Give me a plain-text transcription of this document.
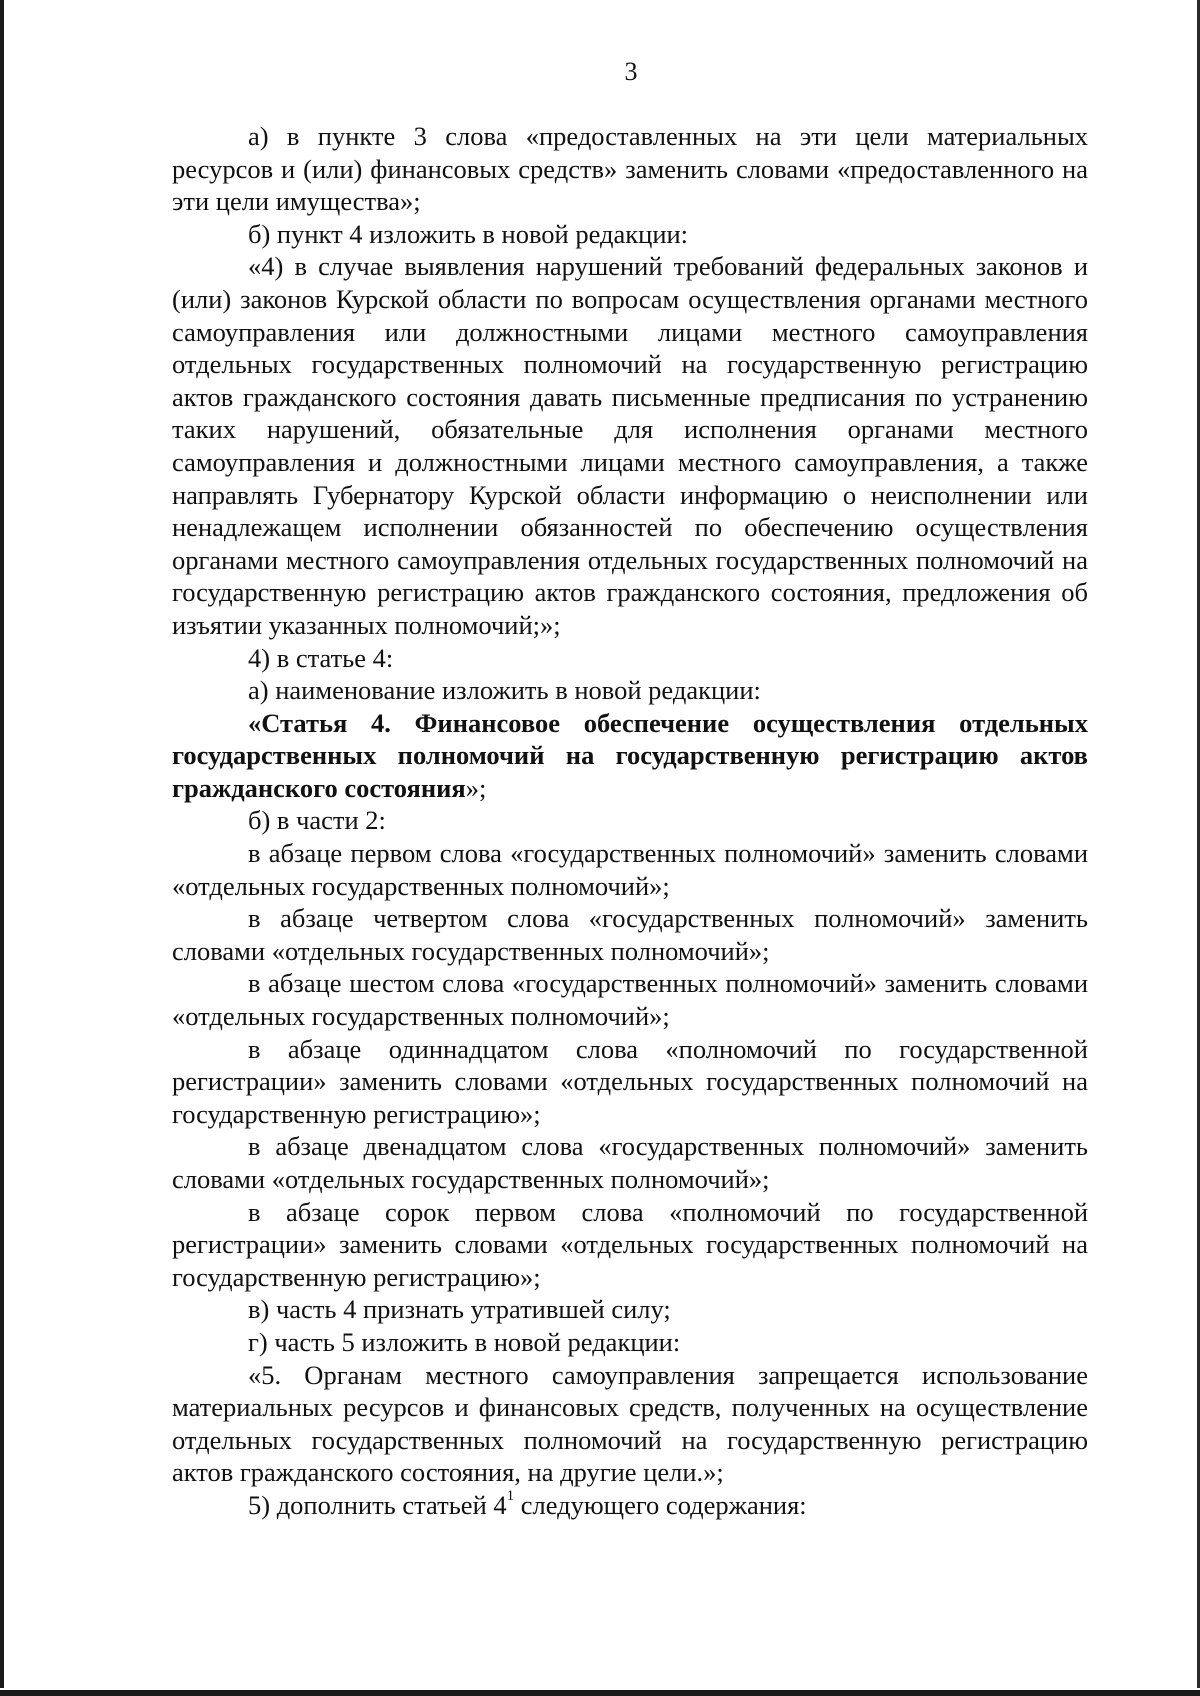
3

а) в пункте 3 слова «предоставленных на эти цели материальных ресурсов и (или) финансовых средств» заменить словами «предоставленного на эти цели имущества»;

б) пункт 4 изложить в новой редакции:

«4) в случае выявления нарушений требований федеральных законов и (или) законов Курской области по вопросам осуществления органами местного самоуправления или должностными лицами местного самоуправления отдельных государственных полномочий на государственную регистрацию актов гражданского состояния давать письменные предписания по устранению таких нарушений, обязательные для исполнения органами местного самоуправления и должностными лицами местного самоуправления, а также направлять Губернатору Курской области информацию о неисполнении или ненадлежащем исполнении обязанностей по обеспечению осуществления органами местного самоуправления отдельных государственных полномочий на государственную регистрацию актов гражданского состояния, предложения об изъятии указанных полномочий;»;

4) в статье 4:

а) наименование изложить в новой редакции:

«Статья 4. Финансовое обеспечение осуществления отдельных государственных полномочий на государственную регистрацию актов гражданского состояния»;

б) в части 2:

в абзаце первом слова «государственных полномочий» заменить словами «отдельных государственных полномочий»;

в абзаце четвертом слова «государственных полномочий» заменить словами «отдельных государственных полномочий»;

в абзаце шестом слова «государственных полномочий» заменить словами «отдельных государственных полномочий»;

в абзаце одиннадцатом слова «полномочий по государственной регистрации» заменить словами «отдельных государственных полномочий на государственную регистрацию»;

в абзаце двенадцатом слова «государственных полномочий» заменить словами «отдельных государственных полномочий»;

в абзаце сорок первом слова «полномочий по государственной регистрации» заменить словами «отдельных государственных полномочий на государственную регистрацию»;

в) часть 4 признать утратившей силу;

г) часть 5 изложить в новой редакции:

«5. Органам местного самоуправления запрещается использование материальных ресурсов и финансовых средств, полученных на осуществление отдельных государственных полномочий на государственную регистрацию актов гражданского состояния, на другие цели.»;

5) дополнить статьей $4^1$ следующего содержания:
